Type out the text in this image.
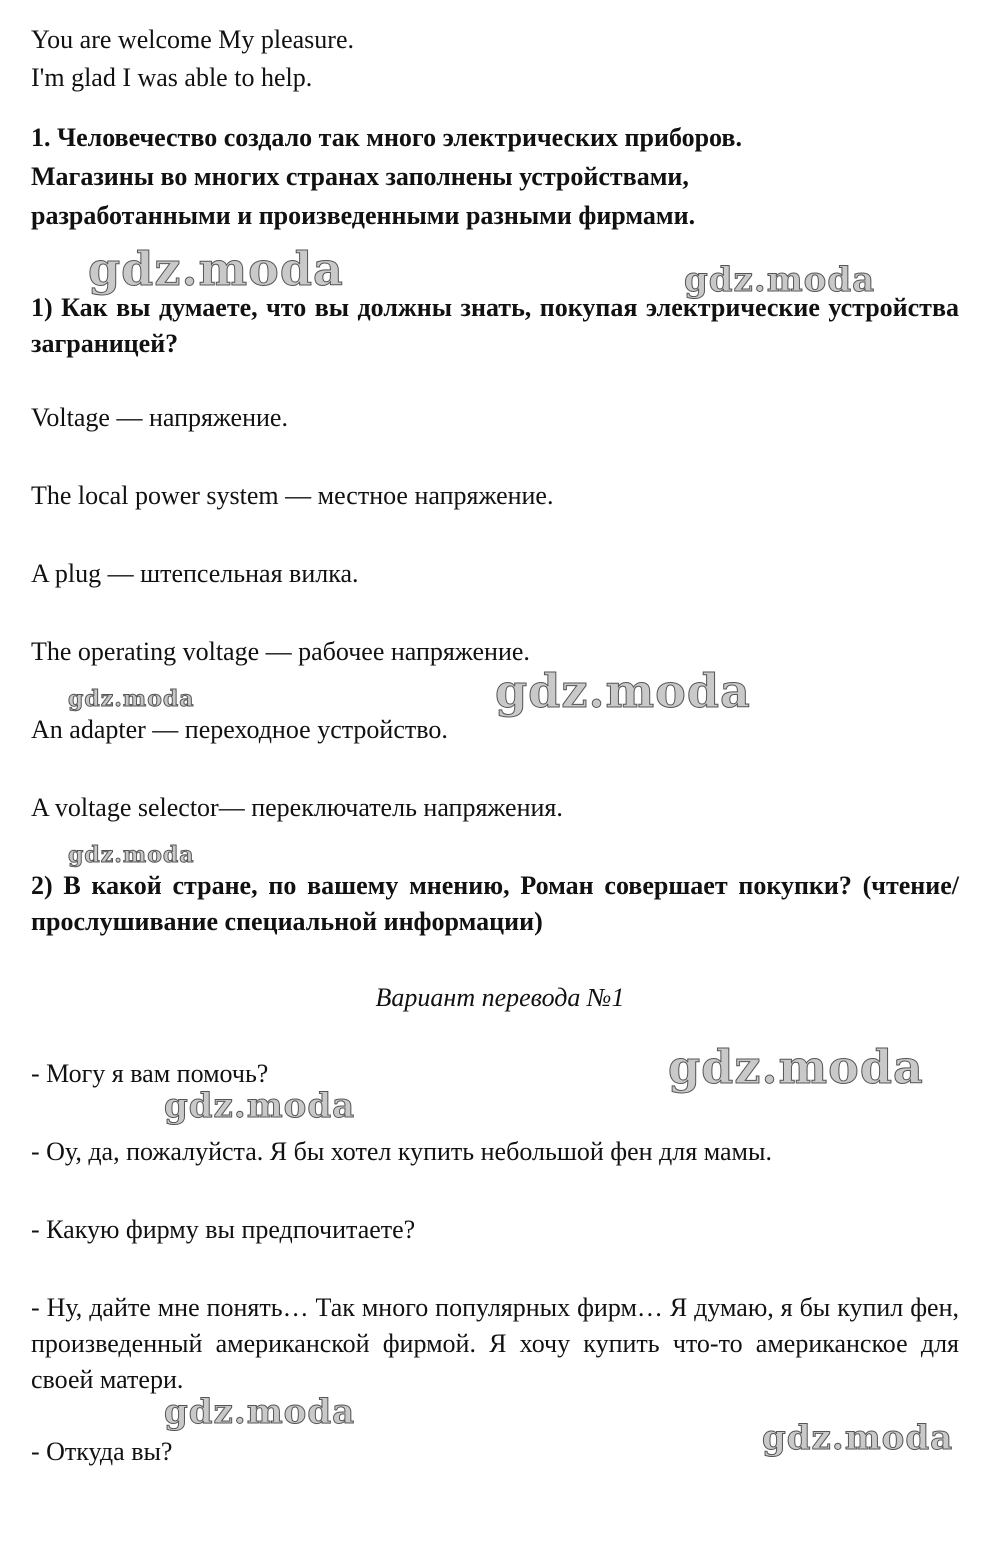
You are welcome My pleasure.
I'm glad I was able to help.
1. Человечество создало так много электрических приборов.
Магазины во многих странах заполнены устройствами,
разработанными и произведенными разными фирмами.
1) Как вы думаете, что вы должны знать, покупая электрические устройства заграницей?
Voltage — напряжение.
The local power system — местное напряжение.
A plug — штепсельная вилка.
The operating voltage — рабочее напряжение.
An adapter — переходное устройство.
A voltage selector— переключатель напряжения.
2) В какой стране, по вашему мнению, Роман совершает покупки? (чтение/прослушивание специальной информации)
Вариант перевода №1
- Могу я вам помочь?
- Оу, да, пожалуйста. Я бы хотел купить небольшой фен для мамы.
- Какую фирму вы предпочитаете?
- Ну, дайте мне понять… Так много популярных фирм… Я думаю, я бы купил фен, произведенный американской фирмой. Я хочу купить что-то американское для своей матери.
- Откуда вы?
gdz.moda	gdz.moda
gdz.moda	gdz.moda
gdz.moda
gdz.moda
gdz.moda
gdz.moda
gdz.moda
